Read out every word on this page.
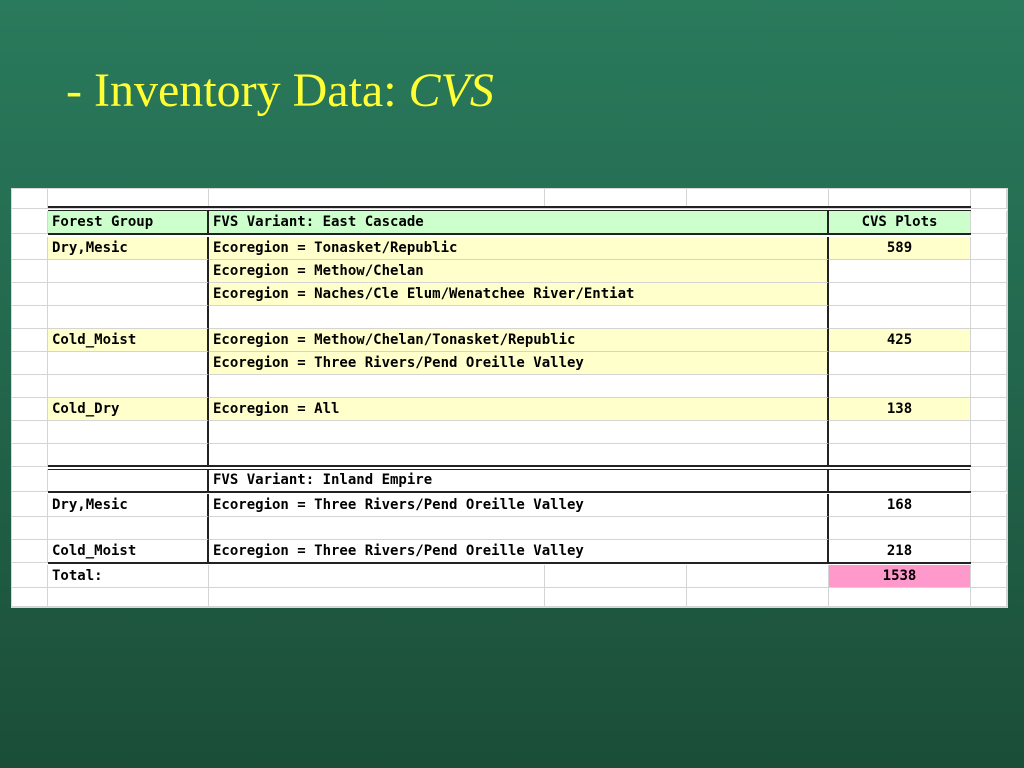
- Inventory Data: CVS
Forest Group	FVS Variant: East Cascade	CVS Plots
Dry,Mesic	Ecoregion = Tonasket/Republic	589
Ecoregion = Methow/Chelan
Ecoregion = Naches/Cle Elum/Wenatchee River/Entiat
Cold_Moist	Ecoregion = Methow/Chelan/Tonasket/Republic	425
Ecoregion = Three Rivers/Pend Oreille Valley
Cold_Dry	Ecoregion = All	138
FVS Variant: Inland Empire
Dry,Mesic	Ecoregion = Three Rivers/Pend Oreille Valley	168
Cold_Moist	Ecoregion = Three Rivers/Pend Oreille Valley	218
Total:	1538
